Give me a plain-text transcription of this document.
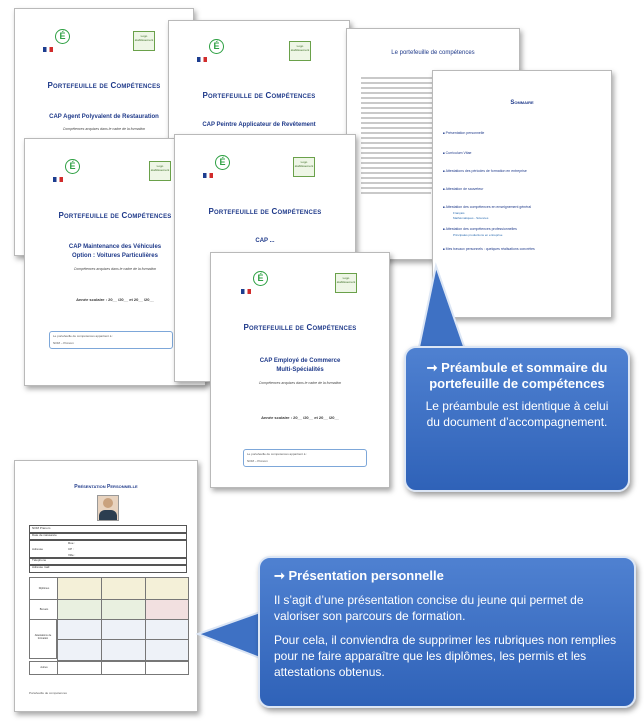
É	Logo établissement
Portefeuille de Compétences
CAP Agent Polyvalent de Restauration
Compétences acquises dans le cadre de la formation
É	Logo établissement
Portefeuille de Compétences
CAP Peintre Applicateur de Revêtement
Le portefeuille de compétences
Sommaire
■ Présentation personnelle
■ Curriculum Vitae
■ Attestations des périodes de formation en entreprise
■ Attestation de sauveteur
■ Attestation des compétences en enseignement général
Français
Mathématiques - Sciences
■ Attestation des compétences professionnelles
Principales productions en entreprise
■ Mes travaux personnels : quelques réalisations concrètes
É	Logo établissement
Portefeuille de Compétences
CAP Maintenance des Véhicules
Option : Voitures Particulières
Compétences acquises dans le cadre de la formation
Année scolaire : 20__ /20__ et 20__ /20__
Le portefeuille de compétences appartient à :
NOM – Prénom
É	Logo établissement
Portefeuille de Compétences
CAP ...
É	Logo établissement
Portefeuille de Compétences
CAP Employé de Commerce
Multi-Spécialités
Compétences acquises dans le cadre de la formation
Année scolaire : 20__ /20__ et 20__ /20__
Le portefeuille de compétences appartient à :
NOM – Prénom
Présentation Personnelle
NOM Prénom
Date de naissance
Adresse
Rue :
CP :
Ville :
Téléphone
Adresse mail
Diplômes
Brevets
Attestations de formation
Autres
Portefeuille de compétences
➞ Préambule et sommaire du portefeuille de compétences
Le préambule est identique à celui du document d’accompagnement.
➞ Présentation personnelle
Il s’agit d’une présentation concise du jeune qui permet de valoriser son parcours de formation.
Pour cela, il conviendra de supprimer les rubriques non remplies pour ne faire apparaître que les diplômes, les permis et les attestations obtenus.
